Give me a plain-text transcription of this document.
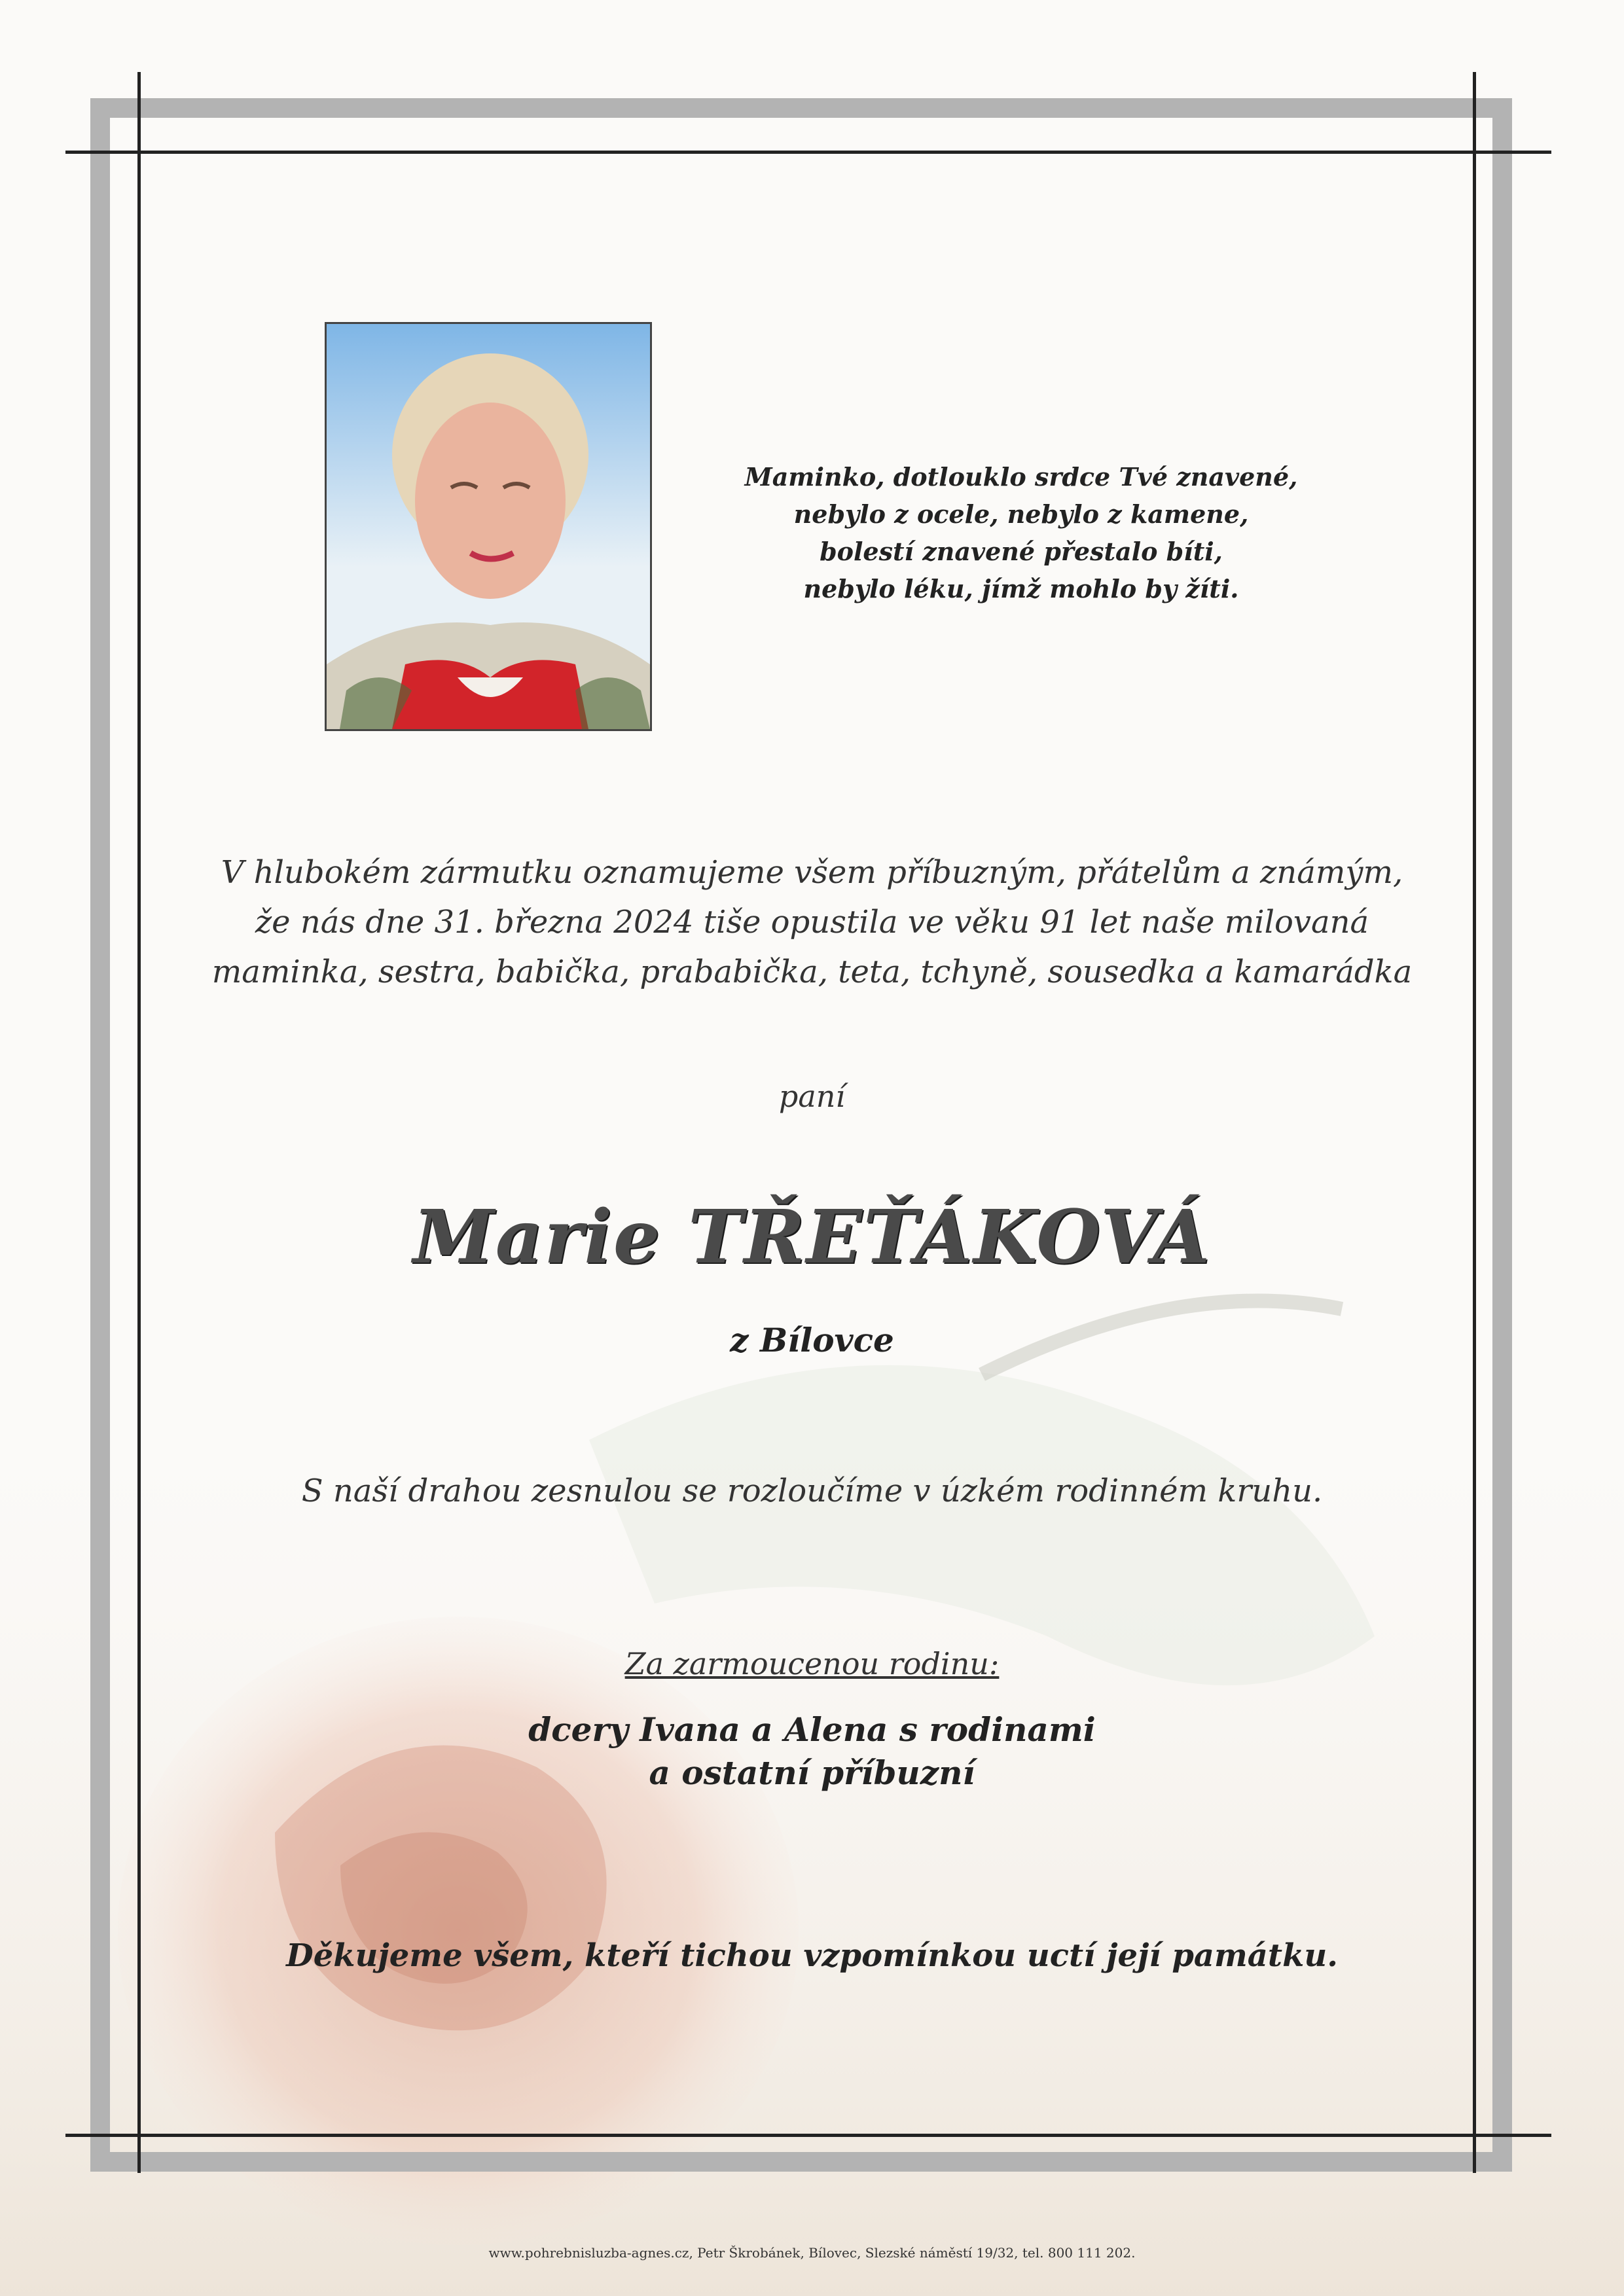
Maminko, dotlouklo srdce Tvé znavené,
nebylo z ocele, nebylo z kamene,
bolestí znavené přestalo bíti,
nebylo léku, jímž mohlo by žíti.
V hlubokém zármutku oznamujeme všem příbuzným, přátelům a známým,
že nás dne 31. března 2024 tiše opustila ve věku 91 let naše milovaná
maminka, sestra, babička, prababička, teta, tchyně, sousedka a kamarádka
paní
Marie TŘEŤÁKOVÁ
z Bílovce
S naší drahou zesnulou se rozloučíme v úzkém rodinném kruhu.
Za zarmoucenou rodinu:
dcery Ivana a Alena s rodinami
a ostatní příbuzní
Děkujeme všem, kteří tichou vzpomínkou uctí její památku.
www.pohrebnisluzba-agnes.cz, Petr Škrobánek, Bílovec, Slezské náměstí 19/32, tel. 800 111 202.
